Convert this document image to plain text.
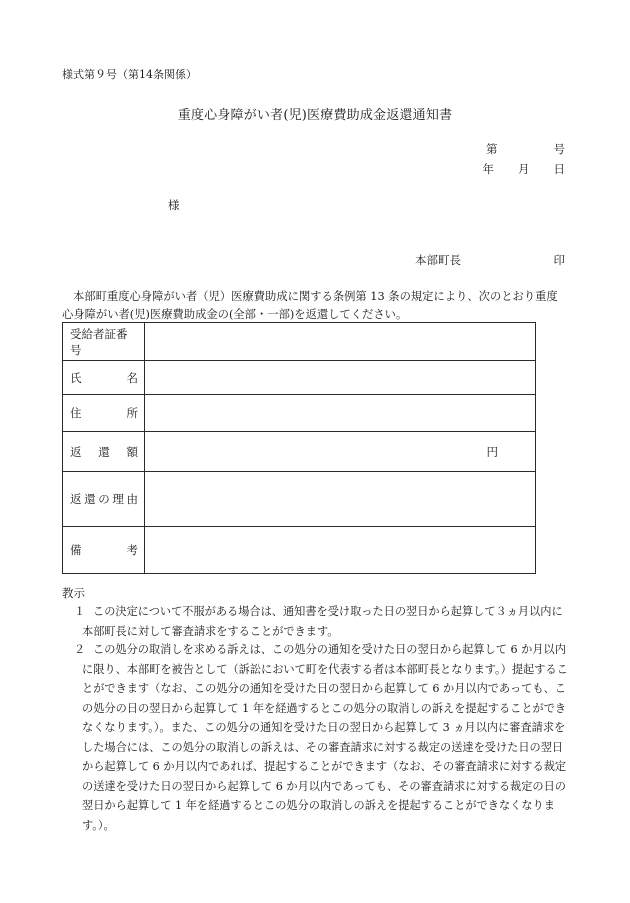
様式第９号（第14条関係）
重度心身障がい者(児)医療費助成金返還通知書
第	号
年 月 日
様
本部町長	印
本部町重度心身障がい者（児）医療費助成に関する条例第 13 条の規定により、次のとおり重度心身障がい者(児)医療費助成金の(全部・一部)を返還してください。
受給者証番号	

氏 名	

住 所	

返 還 額	円

返 還 の 理 由	

備 考	

教示
１ この決定について不服がある場合は、通知書を受け取った日の翌日から起算して３ヵ月以内に本部町長に対して審査請求をすることができます。
２ この処分の取消しを求める訴えは、この処分の通知を受けた日の翌日から起算して 6 か月以内に限り、本部町を被告として（訴訟において町を代表する者は本部町長となります。）提起することができます（なお、この処分の通知を受けた日の翌日から起算して 6 か月以内であっても、この処分の日の翌日から起算して 1 年を経過するとこの処分の取消しの訴えを提起することができなくなります。）。また、この処分の通知を受けた日の翌日から起算して 3 ヵ月以内に審査請求をした場合には、この処分の取消しの訴えは、その審査請求に対する裁定の送達を受けた日の翌日から起算して 6 か月以内であれば、提起することができます（なお、その審査請求に対する裁定の送達を受けた日の翌日から起算して 6 か月以内であっても、その審査請求に対する裁定の日の翌日から起算して 1 年を経過するとこの処分の取消しの訴えを提起することができなくなります。）。
